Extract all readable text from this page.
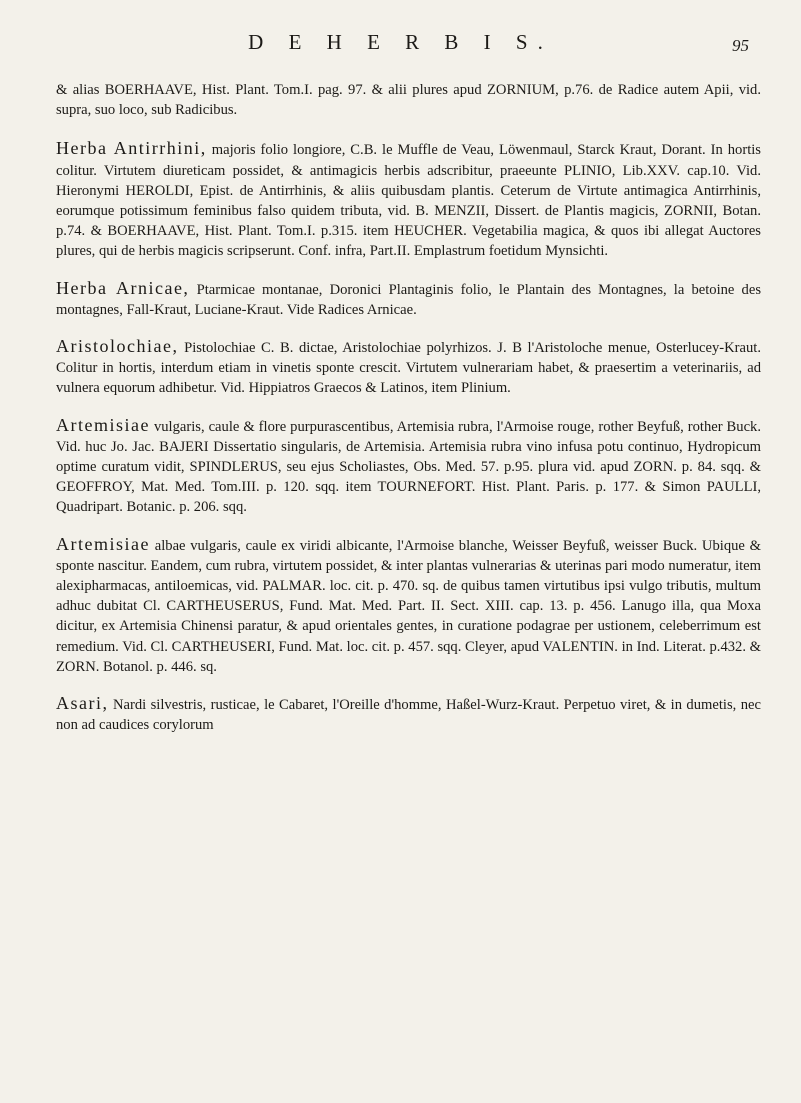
D E H E R B I S.	95

& alias BOERHAAVE, Hist. Plant. Tom.I. pag. 97. & alii plures apud ZORNIUM, p.76. de Radice autem Apii, vid. supra, suo loco, sub Radicibus.

Herba Antirrhini, majoris folio longiore, C.B. le Muffle de Veau, Löwenmaul, Starck Kraut, Dorant. In hortis colitur. Virtutem diureticam possidet, & antimagicis herbis adscribitur, praeeunte PLINIO, Lib.XXV. cap.10. Vid. Hieronymi HEROLDI, Epist. de Antirrhinis, & aliis quibusdam plantis. Ceterum de Virtute antimagica Antirrhinis, eorumque potissimum feminibus falso quidem tributa, vid. B. MENZII, Dissert. de Plantis magicis, ZORNII, Botan. p.74. & BOERHAAVE, Hist. Plant. Tom.I. p.315. item HEUCHER. Vegetabilia magica, & quos ibi allegat Auctores plures, qui de herbis magicis scripserunt. Conf. infra, Part.II. Emplastrum foetidum Mynsichti.

Herba Arnicae, Ptarmicae montanae, Doronici Plantaginis folio, le Plantain des Montagnes, la betoine des montagnes, Fall-Kraut, Luciane-Kraut. Vide Radices Arnicae.

Aristolochiae, Pistolochiae C. B. dictae, Aristolochiae polyrhizos. J. B l'Aristoloche menue, Osterlucey-Kraut. Colitur in hortis, interdum etiam in vinetis sponte crescit. Virtutem vulnerariam habet, & praesertim a veterinariis, ad vulnera equorum adhibetur. Vid. Hippiatros Graecos & Latinos, item Plinium.

Artemisiae vulgaris, caule & flore purpurascentibus, Artemisia rubra, l'Armoise rouge, rother Beyfuß, rother Buck. Vid. huc Jo. Jac. BAJERI Dissertatio singularis, de Artemisia. Artemisia rubra vino infusa potu continuo, Hydropicum optime curatum vidit, SPINDLERUS, seu ejus Scholiastes, Obs. Med. 57. p.95. plura vid. apud ZORN. p. 84. sqq. & GEOFFROY, Mat. Med. Tom.III. p. 120. sqq. item TOURNEFORT. Hist. Plant. Paris. p. 177. & Simon PAULLI, Quadripart. Botanic. p. 206. sqq.

Artemisiae albae vulgaris, caule ex viridi albicante, l'Armoise blanche, Weisser Beyfuß, weisser Buck. Ubique & sponte nascitur. Eandem, cum rubra, virtutem possidet, & inter plantas vulnerarias & uterinas pari modo numeratur, item alexipharmacas, antiloemicas, vid. PALMAR. loc. cit. p. 470. sq. de quibus tamen virtutibus ipsi vulgo tributis, multum adhuc dubitat Cl. CARTHEUSERUS, Fund. Mat. Med. Part. II. Sect. XIII. cap. 13. p. 456. Lanugo illa, qua Moxa dicitur, ex Artemisia Chinensi paratur, & apud orientales gentes, in curatione podagrae per ustionem, celeberrimum est remedium. Vid. Cl. CARTHEUSERI, Fund. Mat. loc. cit. p. 457. sqq. Cleyer, apud VALENTIN. in Ind. Literat. p.432. & ZORN. Botanol. p. 446. sq.

Asari, Nardi silvestris, rusticae, le Cabaret, l'Oreille d'homme, Haßel-Wurz-Kraut. Perpetuo viret, & in dumetis, nec non ad caudices corylorum
